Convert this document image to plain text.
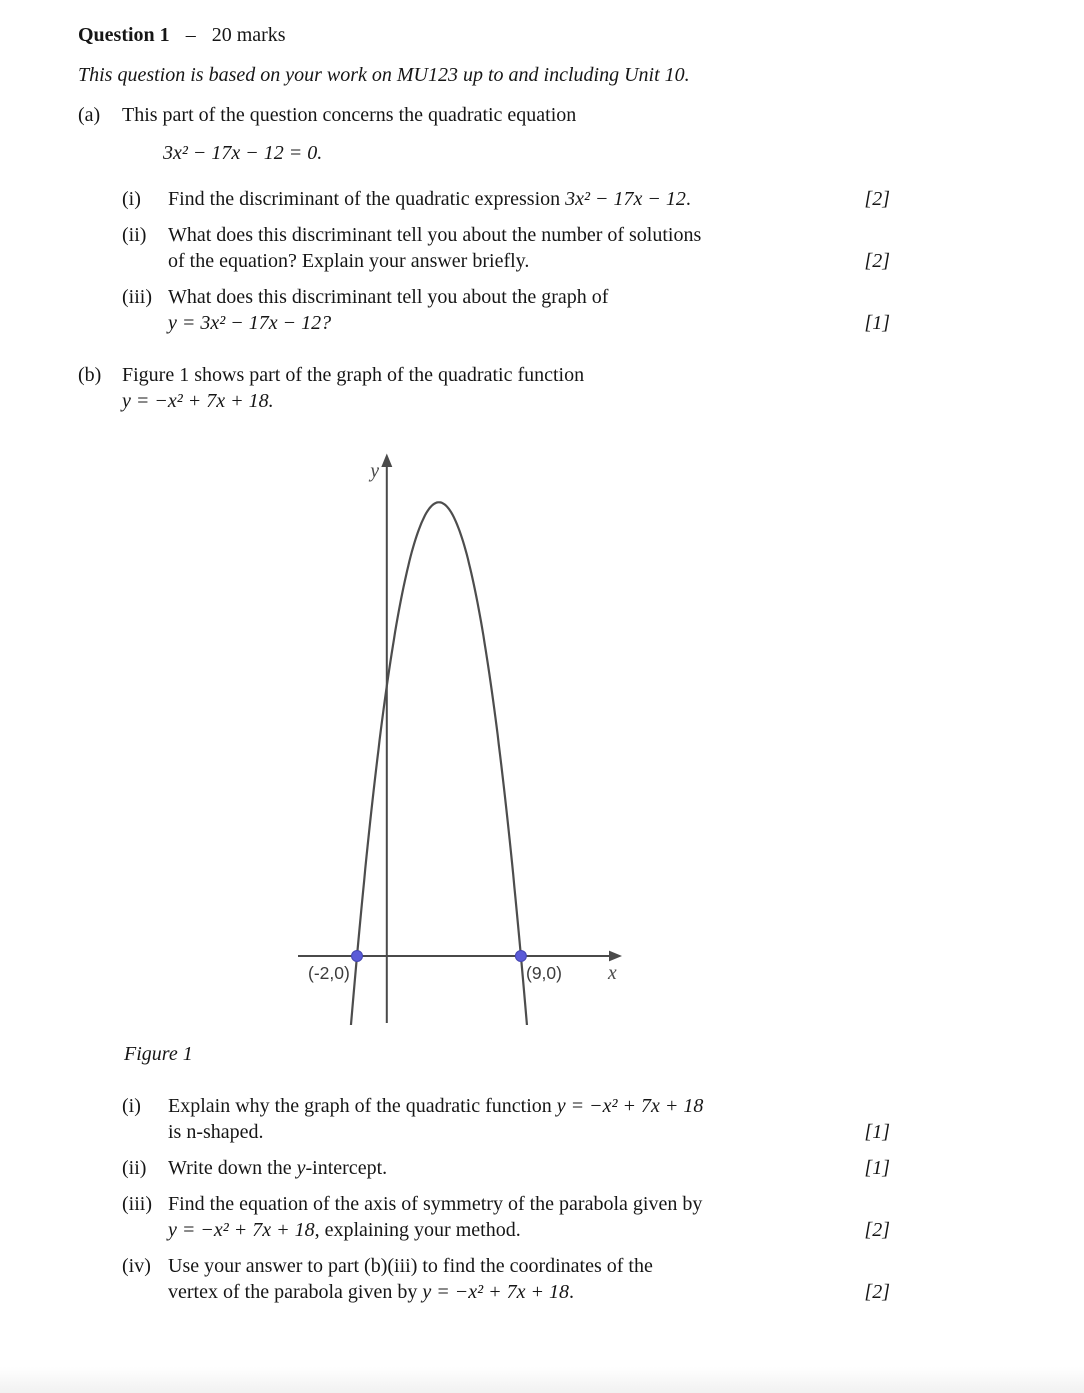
Question 1 – 20 marks
This question is based on your work on MU123 up to and including Unit 10.
(a)	This part of the question concerns the quadratic equation
3x² − 17x − 12 = 0.
(i)	Find the discriminant of the quadratic expression 3x² − 17x − 12.	[2]
(ii)	What does this discriminant tell you about the number of solutions
of the equation? Explain your answer briefly.	[2]
(iii) What does this discriminant tell you about the graph of
y = 3x² − 17x − 12?	[1]
(b)	Figure 1 shows part of the graph of the quadratic function
y = −x² + 7x + 18.
(-2,0)	(9,0) x
y
Figure 1
(i)	Explain why the graph of the quadratic function y = −x² + 7x + 18
is n-shaped.	[1]
(ii)	Write down the y-intercept.	[1]
(iii) Find the equation of the axis of symmetry of the parabola given by
y = −x² + 7x + 18, explaining your method.	[2]
(iv) Use your answer to part (b)(iii) to find the coordinates of the
vertex of the parabola given by y = −x² + 7x + 18.	[2]
